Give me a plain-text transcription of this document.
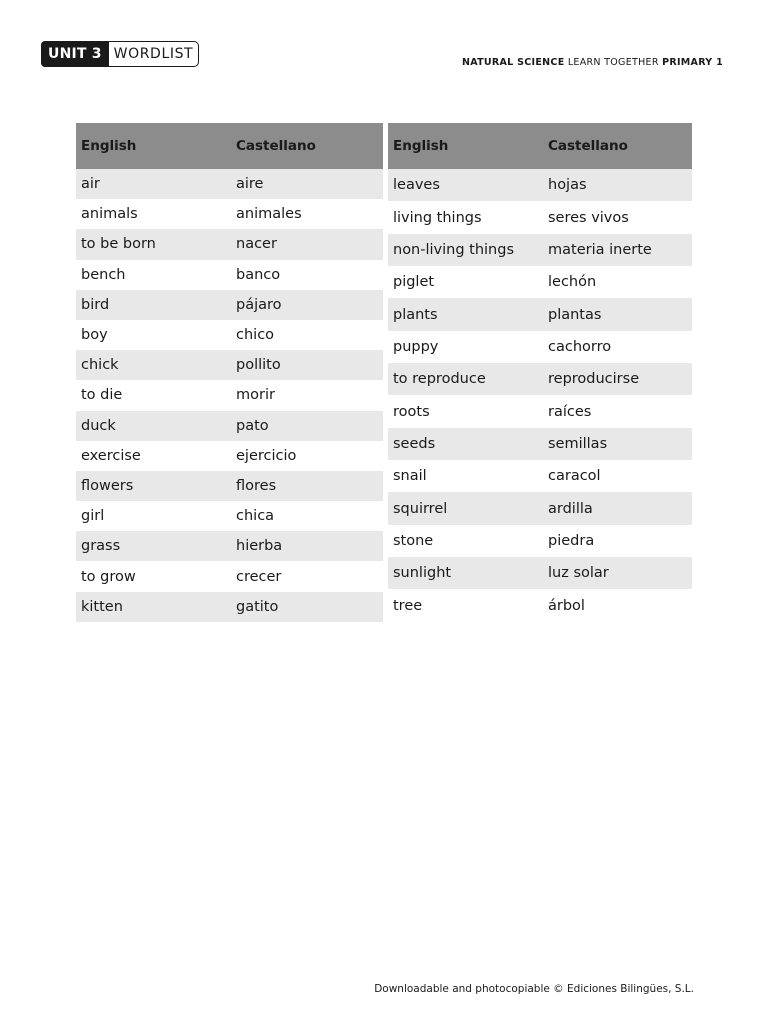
UNIT 3 WORDLIST
NATURAL SCIENCE LEARN TOGETHER PRIMARY 1
English	Castellano
air	aire
animals	animales
to be born	nacer
bench	banco
bird	pájaro
boy	chico
chick	pollito
to die	morir
duck	pato
exercise	ejercicio
flowers	flores
girl	chica
grass	hierba
to grow	crecer
kitten	gatito
English	Castellano
leaves	hojas
living things	seres vivos
non-living things	materia inerte
piglet	lechón
plants	plantas
puppy	cachorro
to reproduce	reproducirse
roots	raíces
seeds	semillas
snail	caracol
squirrel	ardilla
stone	piedra
sunlight	luz solar
tree	árbol
Downloadable and photocopiable © Ediciones Bilingües, S.L.
